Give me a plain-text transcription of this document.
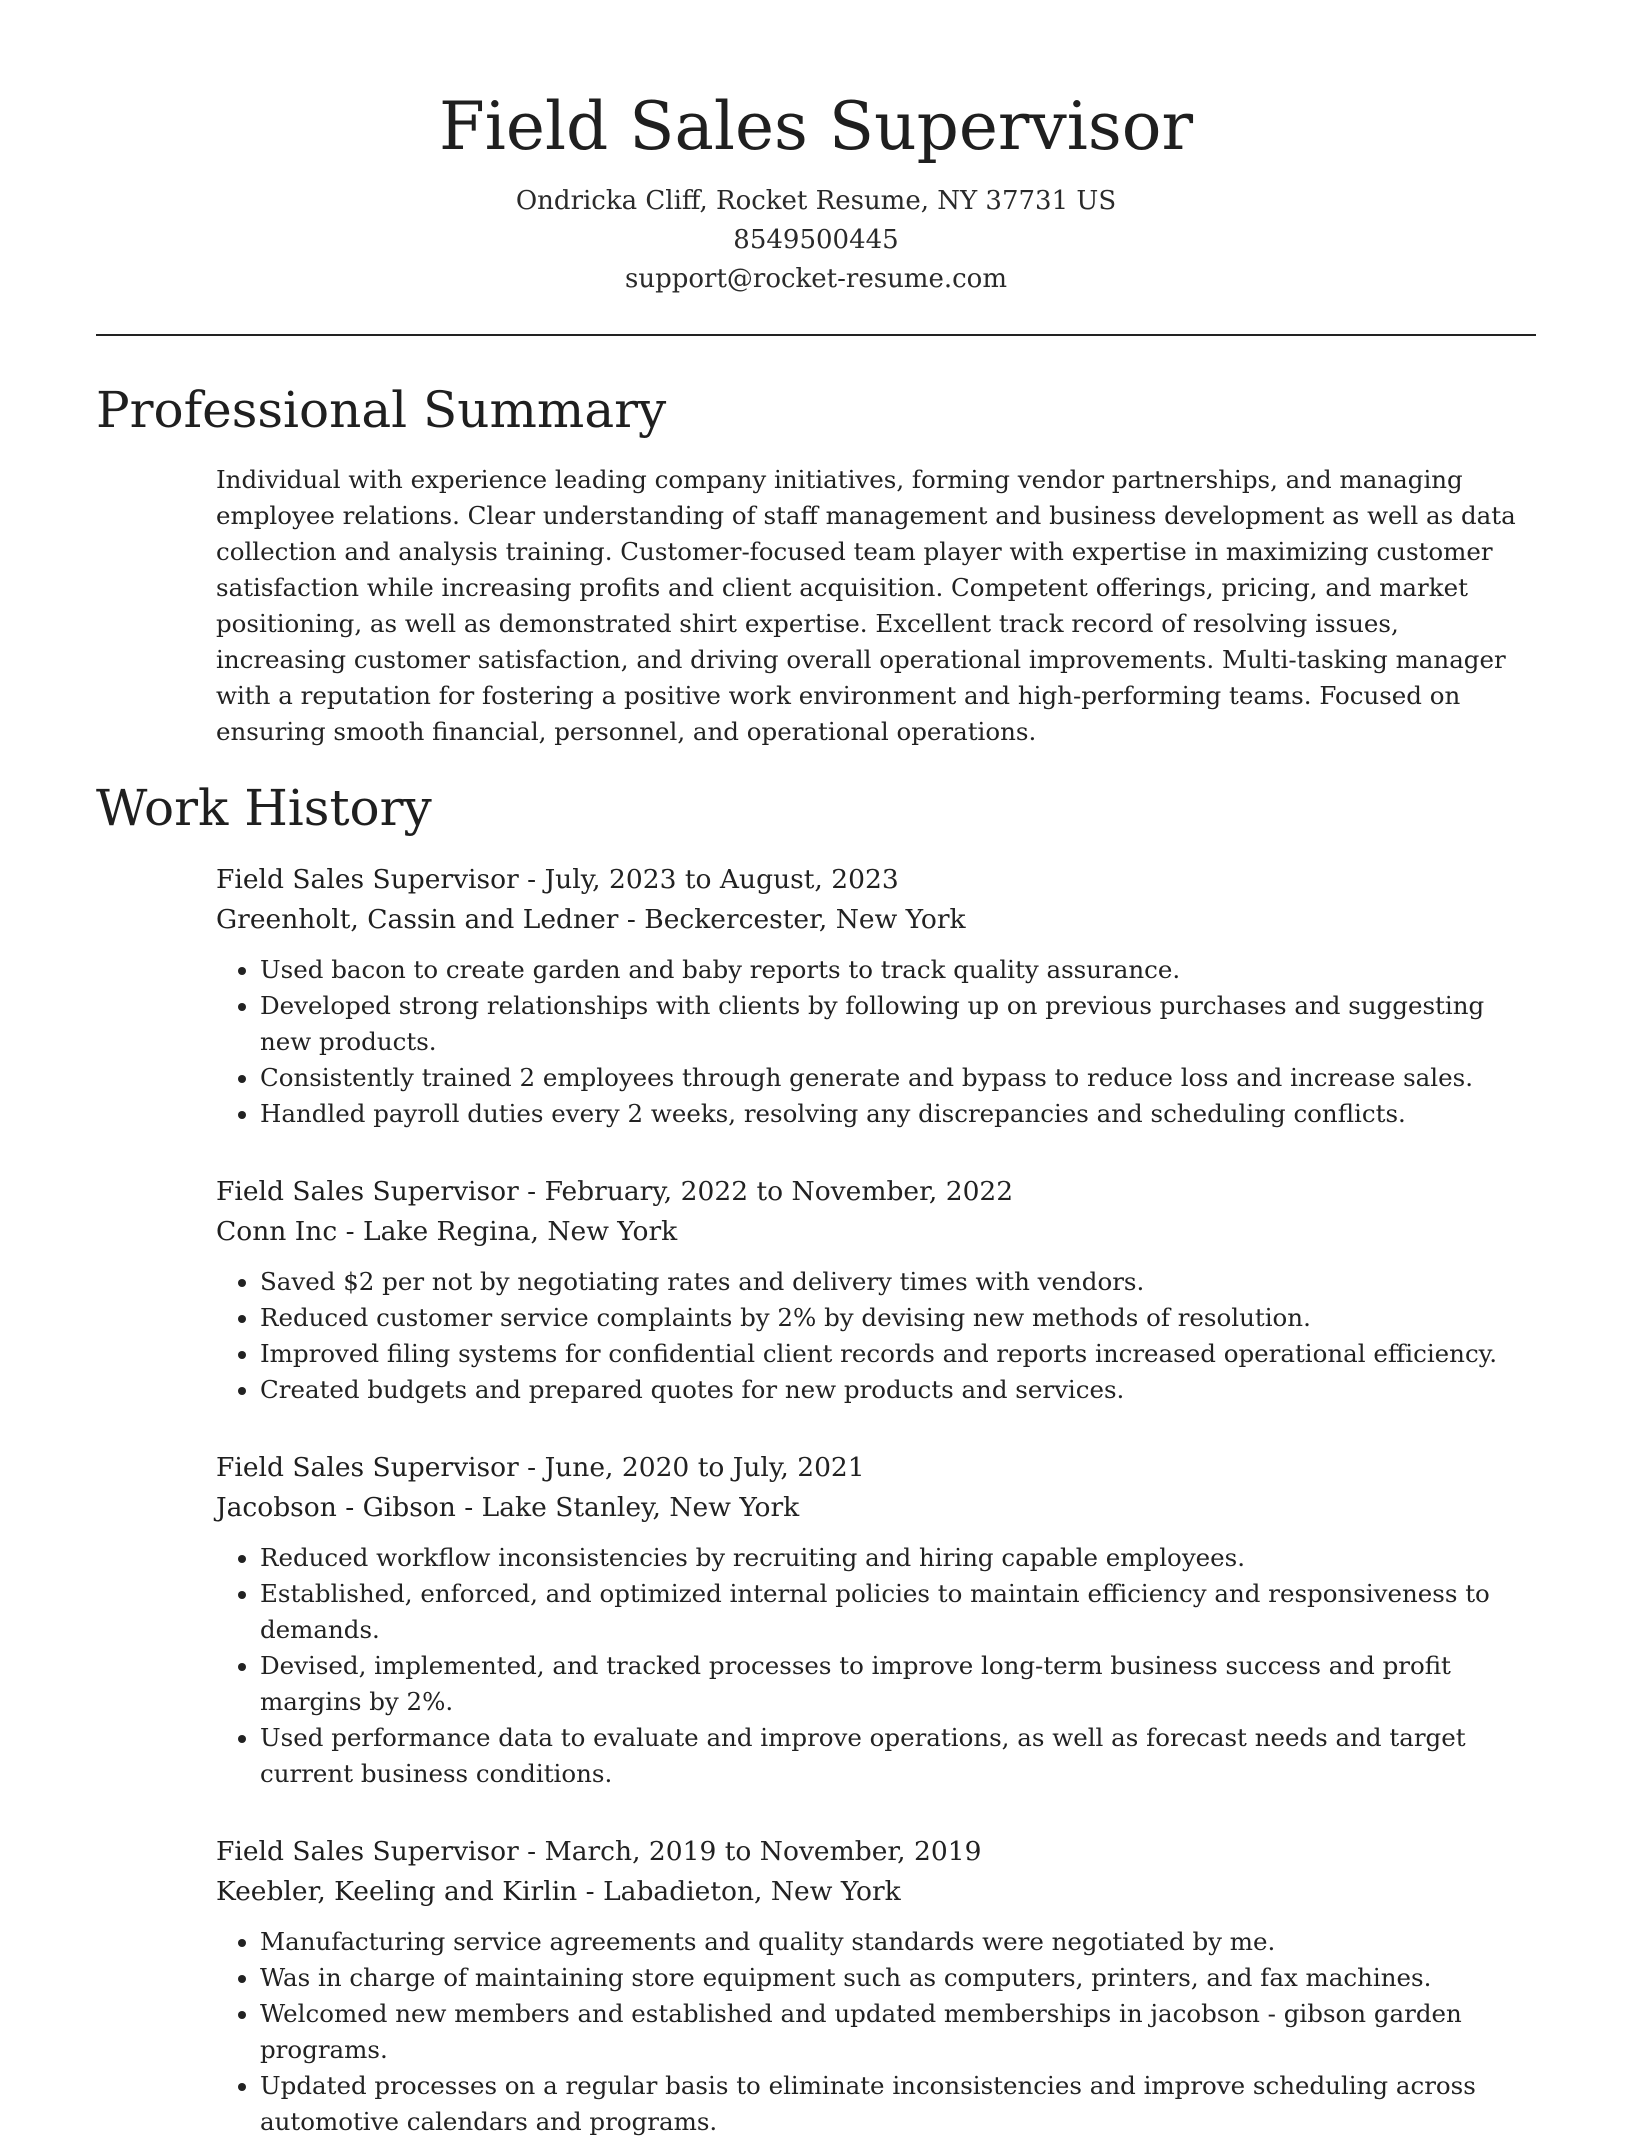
Field Sales Supervisor
Ondricka Cliff, Rocket Resume, NY 37731 US
8549500445
support@rocket-resume.com
Professional Summary

Individual with experience leading company initiatives, forming vendor partnerships, and managing employee relations. Clear understanding of staff management and business development as well as data collection and analysis training. Customer-focused team player with expertise in maximizing customer satisfaction while increasing profits and client acquisition. Competent offerings, pricing, and market positioning, as well as demonstrated shirt expertise. Excellent track record of resolving issues, increasing customer satisfaction, and driving overall operational improvements. Multi-tasking manager with a reputation for fostering a positive work environment and high-performing teams. Focused on ensuring smooth financial, personnel, and operational operations.

Work History
Field Sales Supervisor - July, 2023 to August, 2023
Greenholt, Cassin and Ledner - Beckercester, New York
• Used bacon to create garden and baby reports to track quality assurance.
• Developed strong relationships with clients by following up on previous purchases and suggesting new products.
• Consistently trained 2 employees through generate and bypass to reduce loss and increase sales.
• Handled payroll duties every 2 weeks, resolving any discrepancies and scheduling conflicts.
Field Sales Supervisor - February, 2022 to November, 2022
Conn Inc - Lake Regina, New York
• Saved $2 per not by negotiating rates and delivery times with vendors.
• Reduced customer service complaints by 2% by devising new methods of resolution.
• Improved filing systems for confidential client records and reports increased operational efficiency.
• Created budgets and prepared quotes for new products and services.
Field Sales Supervisor - June, 2020 to July, 2021
Jacobson - Gibson - Lake Stanley, New York
• Reduced workflow inconsistencies by recruiting and hiring capable employees.
• Established, enforced, and optimized internal policies to maintain efficiency and responsiveness to demands.
• Devised, implemented, and tracked processes to improve long-term business success and profit margins by 2%.
• Used performance data to evaluate and improve operations, as well as forecast needs and target current business conditions.
Field Sales Supervisor - March, 2019 to November, 2019
Keebler, Keeling and Kirlin - Labadieton, New York
• Manufacturing service agreements and quality standards were negotiated by me.
• Was in charge of maintaining store equipment such as computers, printers, and fax machines.
• Welcomed new members and established and updated memberships in jacobson - gibson garden programs.
• Updated processes on a regular basis to eliminate inconsistencies and improve scheduling across automotive calendars and programs.
